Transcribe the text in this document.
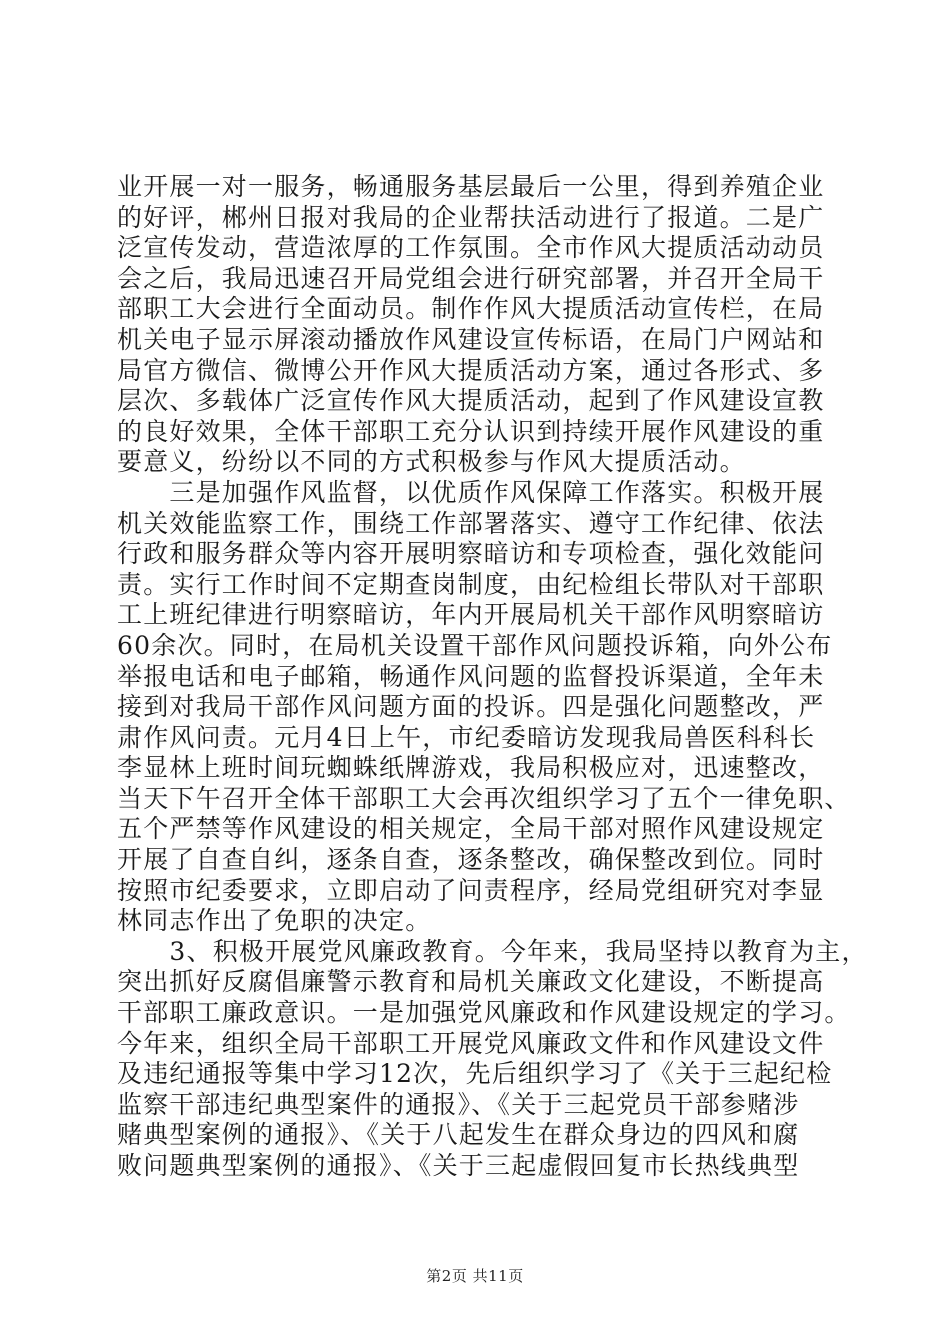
业开展一对一服务，畅通服务基层最后一公里，得到养殖企业
的好评，郴州日报对我局的企业帮扶活动进行了报道。二是广
泛宣传发动，营造浓厚的工作氛围。全市作风大提质活动动员
会之后，我局迅速召开局党组会进行研究部署，并召开全局干
部职工大会进行全面动员。制作作风大提质活动宣传栏，在局
机关电子显示屏滚动播放作风建设宣传标语，在局门户网站和
局官方微信、微博公开作风大提质活动方案，通过各形式、多
层次、多载体广泛宣传作风大提质活动，起到了作风建设宣教
的良好效果，全体干部职工充分认识到持续开展作风建设的重
要意义，纷纷以不同的方式积极参与作风大提质活动。
　　三是加强作风监督，以优质作风保障工作落实。积极开展
机关效能监察工作，围绕工作部署落实、遵守工作纪律、依法
行政和服务群众等内容开展明察暗访和专项检查，强化效能问
责。实行工作时间不定期查岗制度，由纪检组长带队对干部职
工上班纪律进行明察暗访，年内开展局机关干部作风明察暗访
60余次。同时，在局机关设置干部作风问题投诉箱，向外公布
举报电话和电子邮箱，畅通作风问题的监督投诉渠道，全年未
接到对我局干部作风问题方面的投诉。四是强化问题整改，严
肃作风问责。元月4日上午，市纪委暗访发现我局兽医科科长
李显林上班时间玩蜘蛛纸牌游戏，我局积极应对，迅速整改，
当天下午召开全体干部职工大会再次组织学习了五个一律免职、
五个严禁等作风建设的相关规定，全局干部对照作风建设规定
开展了自查自纠，逐条自查，逐条整改，确保整改到位。同时
按照市纪委要求，立即启动了问责程序，经局党组研究对李显
林同志作出了免职的决定。
　　3、积极开展党风廉政教育。今年来，我局坚持以教育为主，
突出抓好反腐倡廉警示教育和局机关廉政文化建设，不断提高
干部职工廉政意识。一是加强党风廉政和作风建设规定的学习。
今年来，组织全局干部职工开展党风廉政文件和作风建设文件
及违纪通报等集中学习12次，先后组织学习了《关于三起纪检
监察干部违纪典型案件的通报》、《关于三起党员干部参赌涉
赌典型案例的通报》、《关于八起发生在群众身边的四风和腐
败问题典型案例的通报》、《关于三起虚假回复市长热线典型
第2页 共11页
